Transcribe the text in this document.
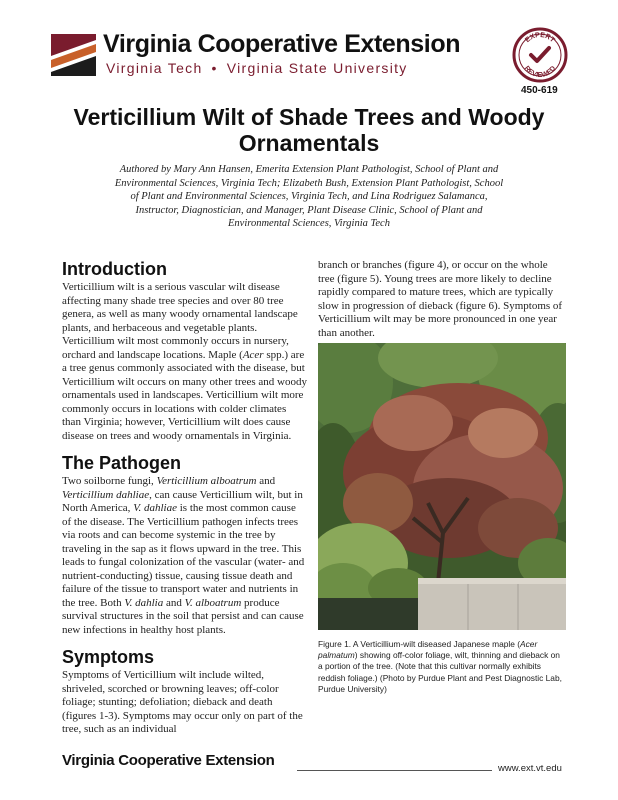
Virginia Cooperative Extension
Virginia Tech • Virginia State University
EXPERT
REVIEWED
450-619
Verticillium Wilt of Shade Trees and Woody Ornamentals
Authored by Mary Ann Hansen, Emerita Extension Plant Pathologist, School of Plant and Environmental Sciences, Virginia Tech; Elizabeth Bush, Extension Plant Pathologist, School of Plant and Environmental Sciences, Virginia Tech, and Lina Rodriguez Salamanca, Instructor, Diagnostician, and Manager, Plant Disease Clinic, School of Plant and Environmental Sciences, Virginia Tech
Introduction

Verticillium wilt is a serious vascular wilt disease affecting many shade tree species and over 80 tree genera, as well as many woody ornamental landscape plants, and herbaceous and vegetable plants. Verticillium wilt most commonly occurs in nursery, orchard and landscape locations. Maple (Acer spp.) are a tree genus commonly associated with the disease, but Verticillium wilt occurs on many other trees and woody ornamentals used in landscapes. Verticillium wilt more commonly occurs in locations with colder climates than Virginia; however, Verticillium wilt does cause disease on trees and woody ornamentals in Virginia.

The Pathogen

Two soilborne fungi, Verticillium alboatrum and Verticillium dahliae, can cause Verticillium wilt, but in North America, V. dahliae is the most common cause of the disease. The Verticillium pathogen infects trees via roots and can become systemic in the tree by traveling in the sap as it flows upward in the tree. This leads to fungal colonization of the vascular (water- and nutrient-conducting) tissue, causing tissue death and failure of the tissue to transport water and nutrients in the tree. Both V. dahlia and V. alboatrum produce survival structures in the soil that persist and can cause new infections in healthy host plants.

Symptoms

Symptoms of Verticillium wilt include wilted, shriveled, scorched or browning leaves; off-color foliage; stunting; defoliation; dieback and death (figures 1-3). Symptoms may occur only on part of the tree, such as an individual

branch or branches (figure 4), or occur on the whole tree (figure 5). Young trees are more likely to decline rapidly compared to mature trees, which are typically slow in progression of dieback (figure 6). Symptoms of Verticillium wilt may be more pronounced in one year than another.

Figure 1. A Verticillium-wilt diseased Japanese maple (Acer palmatum) showing off-color foliage, wilt, thinning and dieback on a portion of the tree. (Note that this cultivar normally exhibits reddish foliage.) (Photo by Purdue Plant and Pest Diagnostic Lab, Purdue University)
Virginia Cooperative Extension	www.ext.vt.edu
